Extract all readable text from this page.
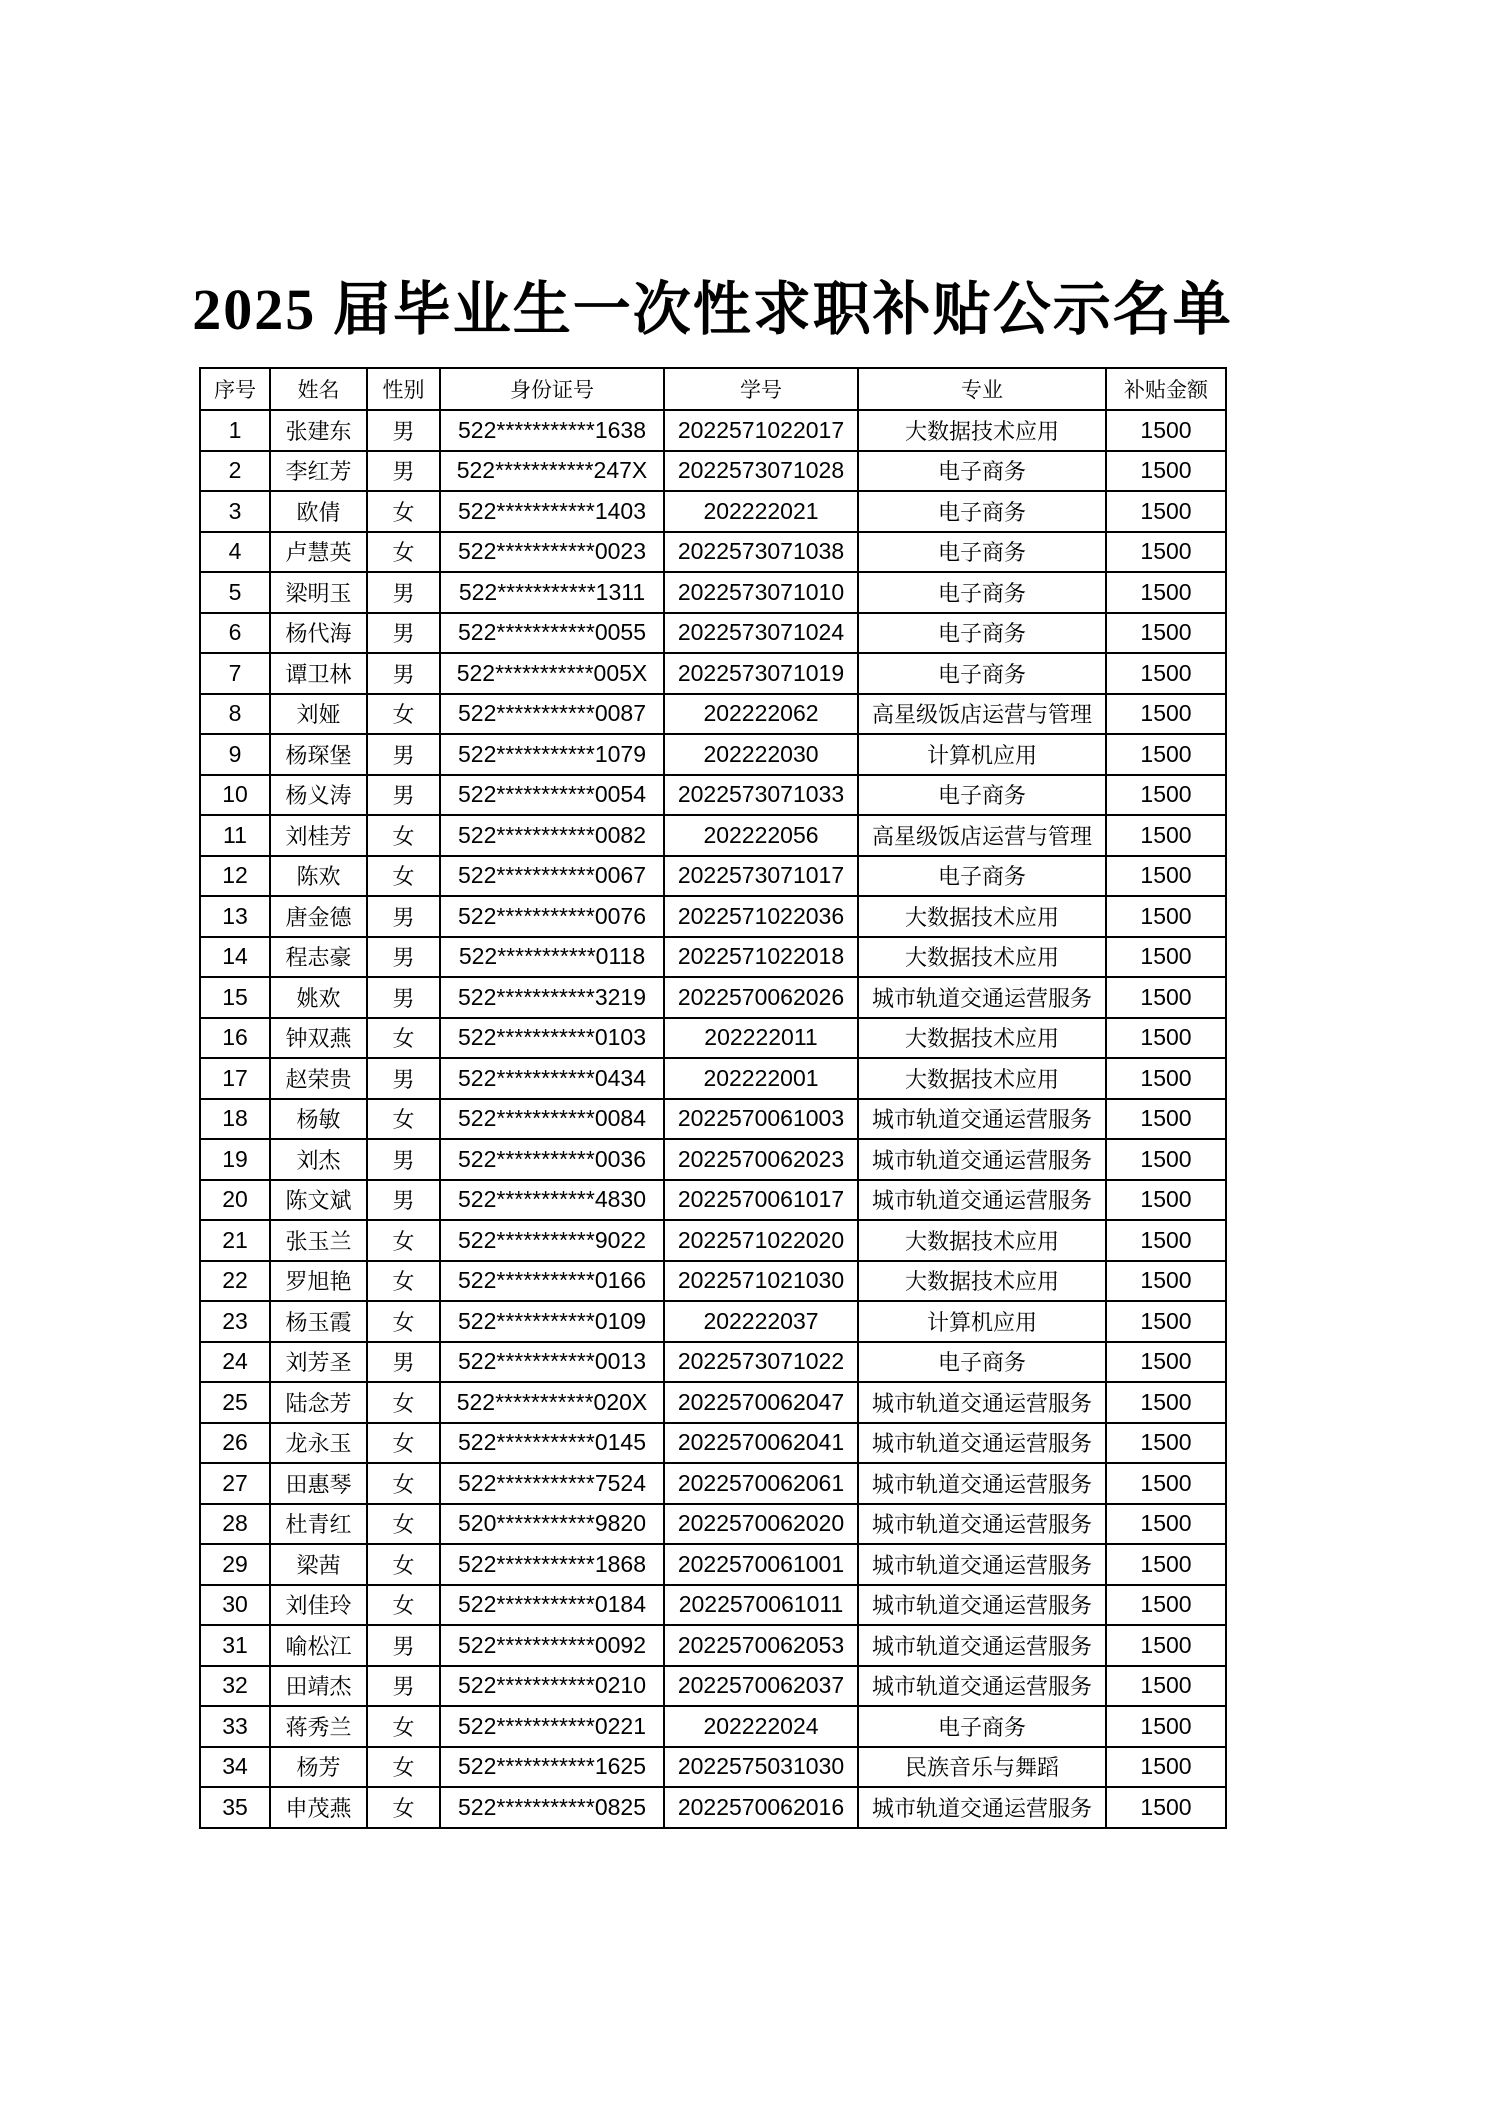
2025 届毕业生一次性求职补贴公示名单
序号	姓名	性别	身份证号	学号	专业	补贴金额
1	张建东	男	522***********1638	2022571022017	大数据技术应用	1500
2	李红芳	男	522***********247X	2022573071028	电子商务	1500
3	欧倩	女	522***********1403	202222021	电子商务	1500
4	卢慧英	女	522***********0023	2022573071038	电子商务	1500
5	梁明玉	男	522***********1311	2022573071010	电子商务	1500
6	杨代海	男	522***********0055	2022573071024	电子商务	1500
7	谭卫林	男	522***********005X	2022573071019	电子商务	1500
8	刘娅	女	522***********0087	202222062	高星级饭店运营与管理	1500
9	杨琛堡	男	522***********1079	202222030	计算机应用	1500
10	杨义涛	男	522***********0054	2022573071033	电子商务	1500
11	刘桂芳	女	522***********0082	202222056	高星级饭店运营与管理	1500
12	陈欢	女	522***********0067	2022573071017	电子商务	1500
13	唐金德	男	522***********0076	2022571022036	大数据技术应用	1500
14	程志豪	男	522***********0118	2022571022018	大数据技术应用	1500
15	姚欢	男	522***********3219	2022570062026	城市轨道交通运营服务	1500
16	钟双燕	女	522***********0103	202222011	大数据技术应用	1500
17	赵荣贵	男	522***********0434	202222001	大数据技术应用	1500
18	杨敏	女	522***********0084	2022570061003	城市轨道交通运营服务	1500
19	刘杰	男	522***********0036	2022570062023	城市轨道交通运营服务	1500
20	陈文斌	男	522***********4830	2022570061017	城市轨道交通运营服务	1500
21	张玉兰	女	522***********9022	2022571022020	大数据技术应用	1500
22	罗旭艳	女	522***********0166	2022571021030	大数据技术应用	1500
23	杨玉霞	女	522***********0109	202222037	计算机应用	1500
24	刘芳圣	男	522***********0013	2022573071022	电子商务	1500
25	陆念芳	女	522***********020X	2022570062047	城市轨道交通运营服务	1500
26	龙永玉	女	522***********0145	2022570062041	城市轨道交通运营服务	1500
27	田惠琴	女	522***********7524	2022570062061	城市轨道交通运营服务	1500
28	杜青红	女	520***********9820	2022570062020	城市轨道交通运营服务	1500
29	梁茜	女	522***********1868	2022570061001	城市轨道交通运营服务	1500
30	刘佳玲	女	522***********0184	2022570061011	城市轨道交通运营服务	1500
31	喻松江	男	522***********0092	2022570062053	城市轨道交通运营服务	1500
32	田靖杰	男	522***********0210	2022570062037	城市轨道交通运营服务	1500
33	蒋秀兰	女	522***********0221	202222024	电子商务	1500
34	杨芳	女	522***********1625	2022575031030	民族音乐与舞蹈	1500
35	申茂燕	女	522***********0825	2022570062016	城市轨道交通运营服务	1500
